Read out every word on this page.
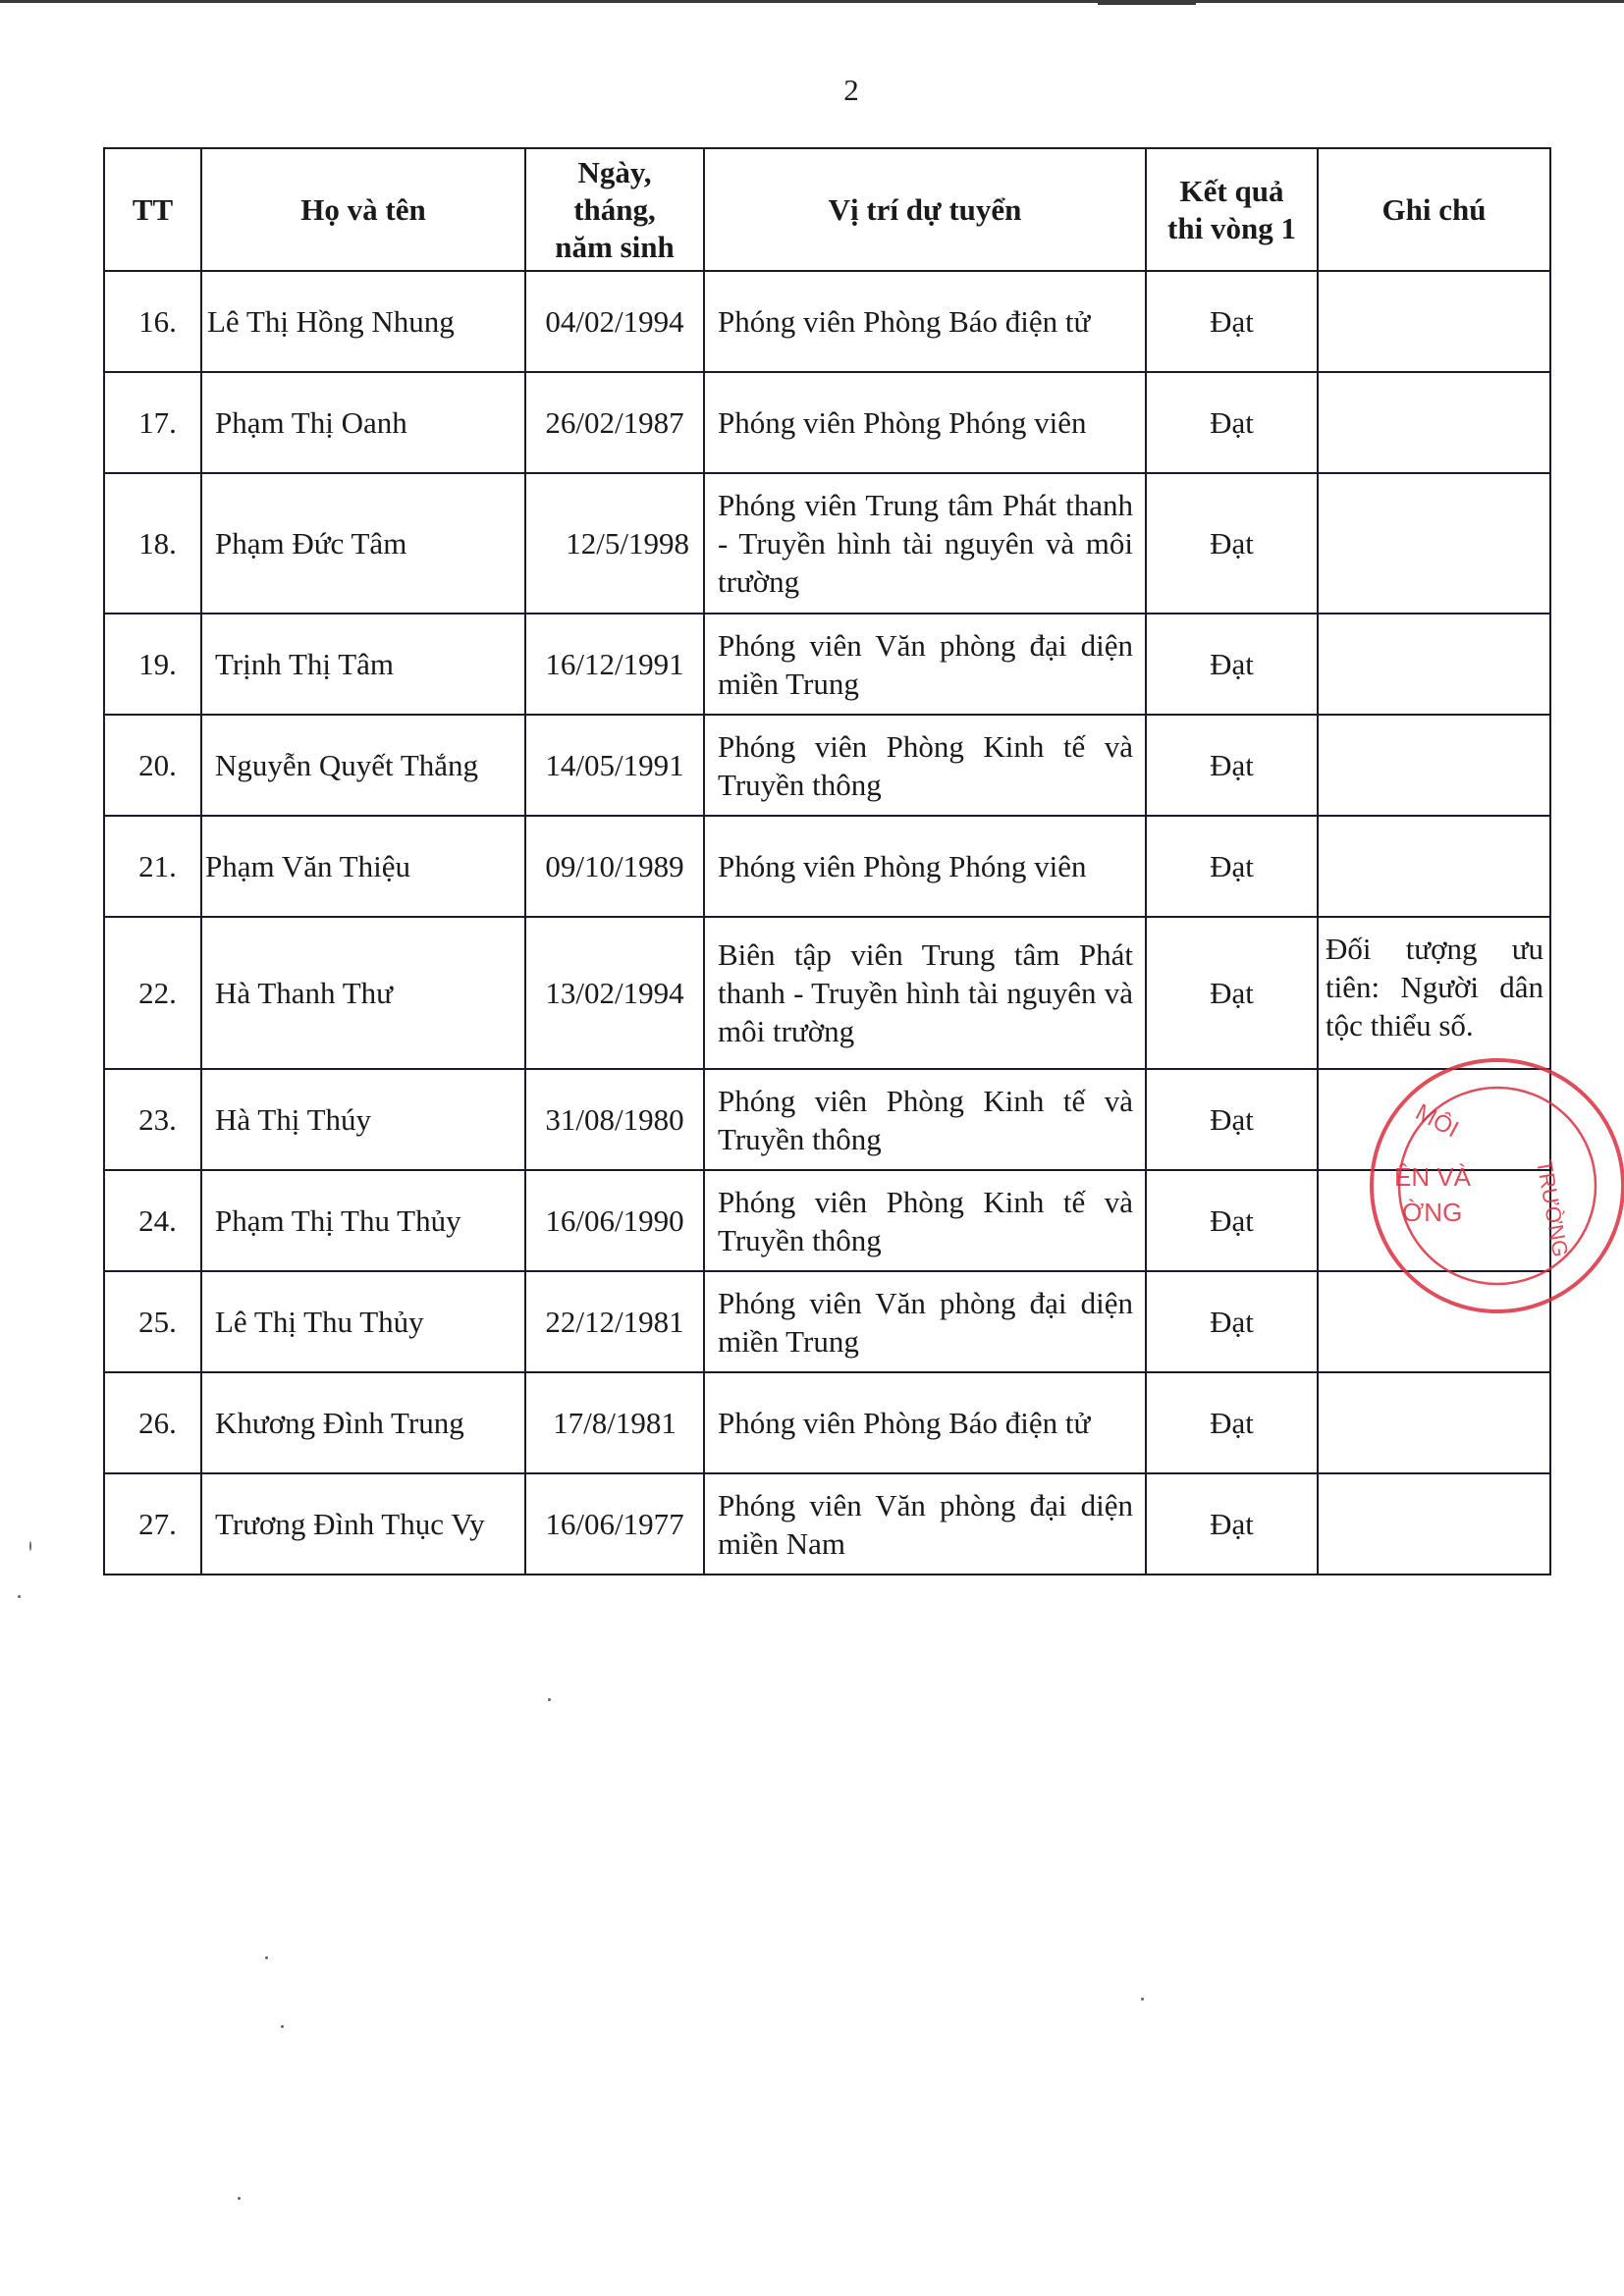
2
TT	Họ và tên	Ngày, tháng, năm sinh	Vị trí dự tuyển	Kết quả thi vòng 1	Ghi chú
16.	Lê Thị Hồng Nhung	04/02/1994	Phóng viên Phòng Báo điện tử	Đạt	
17.	Phạm Thị Oanh	26/02/1987	Phóng viên Phòng Phóng viên	Đạt	
18.	Phạm Đức Tâm	12/5/1998	Phóng viên Trung tâm Phát thanh - Truyền hình tài nguyên và môi trường	Đạt	
19.	Trịnh Thị Tâm	16/12/1991	Phóng viên Văn phòng đại diện miền Trung	Đạt	
20.	Nguyễn Quyết Thắng	14/05/1991	Phóng viên Phòng Kinh tế và Truyền thông	Đạt	
21.	Phạm Văn Thiệu	09/10/1989	Phóng viên Phòng Phóng viên	Đạt	
22.	Hà Thanh Thư	13/02/1994	Biên tập viên Trung tâm Phát thanh - Truyền hình tài nguyên và môi trường	Đạt	Đối tượng ưu tiên: Người dân tộc thiểu số.
23.	Hà Thị Thúy	31/08/1980	Phóng viên Phòng Kinh tế và Truyền thông	Đạt	
24.	Phạm Thị Thu Thủy	16/06/1990	Phóng viên Phòng Kinh tế và Truyền thông	Đạt	
25.	Lê Thị Thu Thủy	22/12/1981	Phóng viên Văn phòng đại diện miền Trung	Đạt	
26.	Khương Đình Trung	17/8/1981	Phóng viên Phòng Báo điện tử	Đạt	
27.	Trương Đình Thục Vy	16/06/1977	Phóng viên Văn phòng đại diện miền Nam	Đạt	
MÔI
TRƯỜNG
ÊN VÀ
ỜNG
